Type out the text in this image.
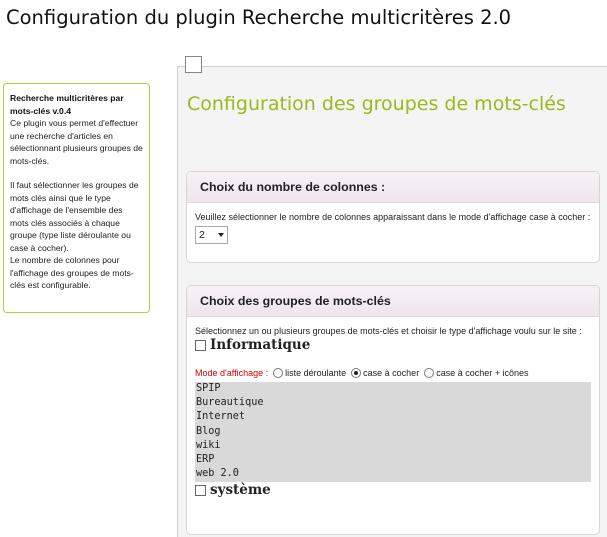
Configuration du plugin Recherche multicritères 2.0
Recherche multicritères par mots-clés v.0.4

Ce plugin vous permet d'effectuer une recherche d'articles en sélectionnant plusieurs groupes de mots-clés.

Il faut sélectionner les groupes de mots clés ainsi que le type d'affichage de l'ensemble des mots clés associés à chaque groupe (type liste déroulante ou case à cocher).

Le nombre de colonnes pour l'affichage des groupes de mots-clés est configurable.

Configuration des groupes de mots-clés
Choix du nombre de colonnes :
Veuillez sélectionner le nombre de colonnes apparaissant dans le mode d'affichage case à cocher :
2
Choix des groupes de mots-clés
Sélectionnez un ou plusieurs groupes de mots-clés et choisir le type d'affichage voulu sur le site :
Informatique
Mode d'affichage : liste déroulante case à cocher case à cocher + icônes
SPIP
Bureautique
Internet
Blog
wiki
ERP
web 2.0
système
